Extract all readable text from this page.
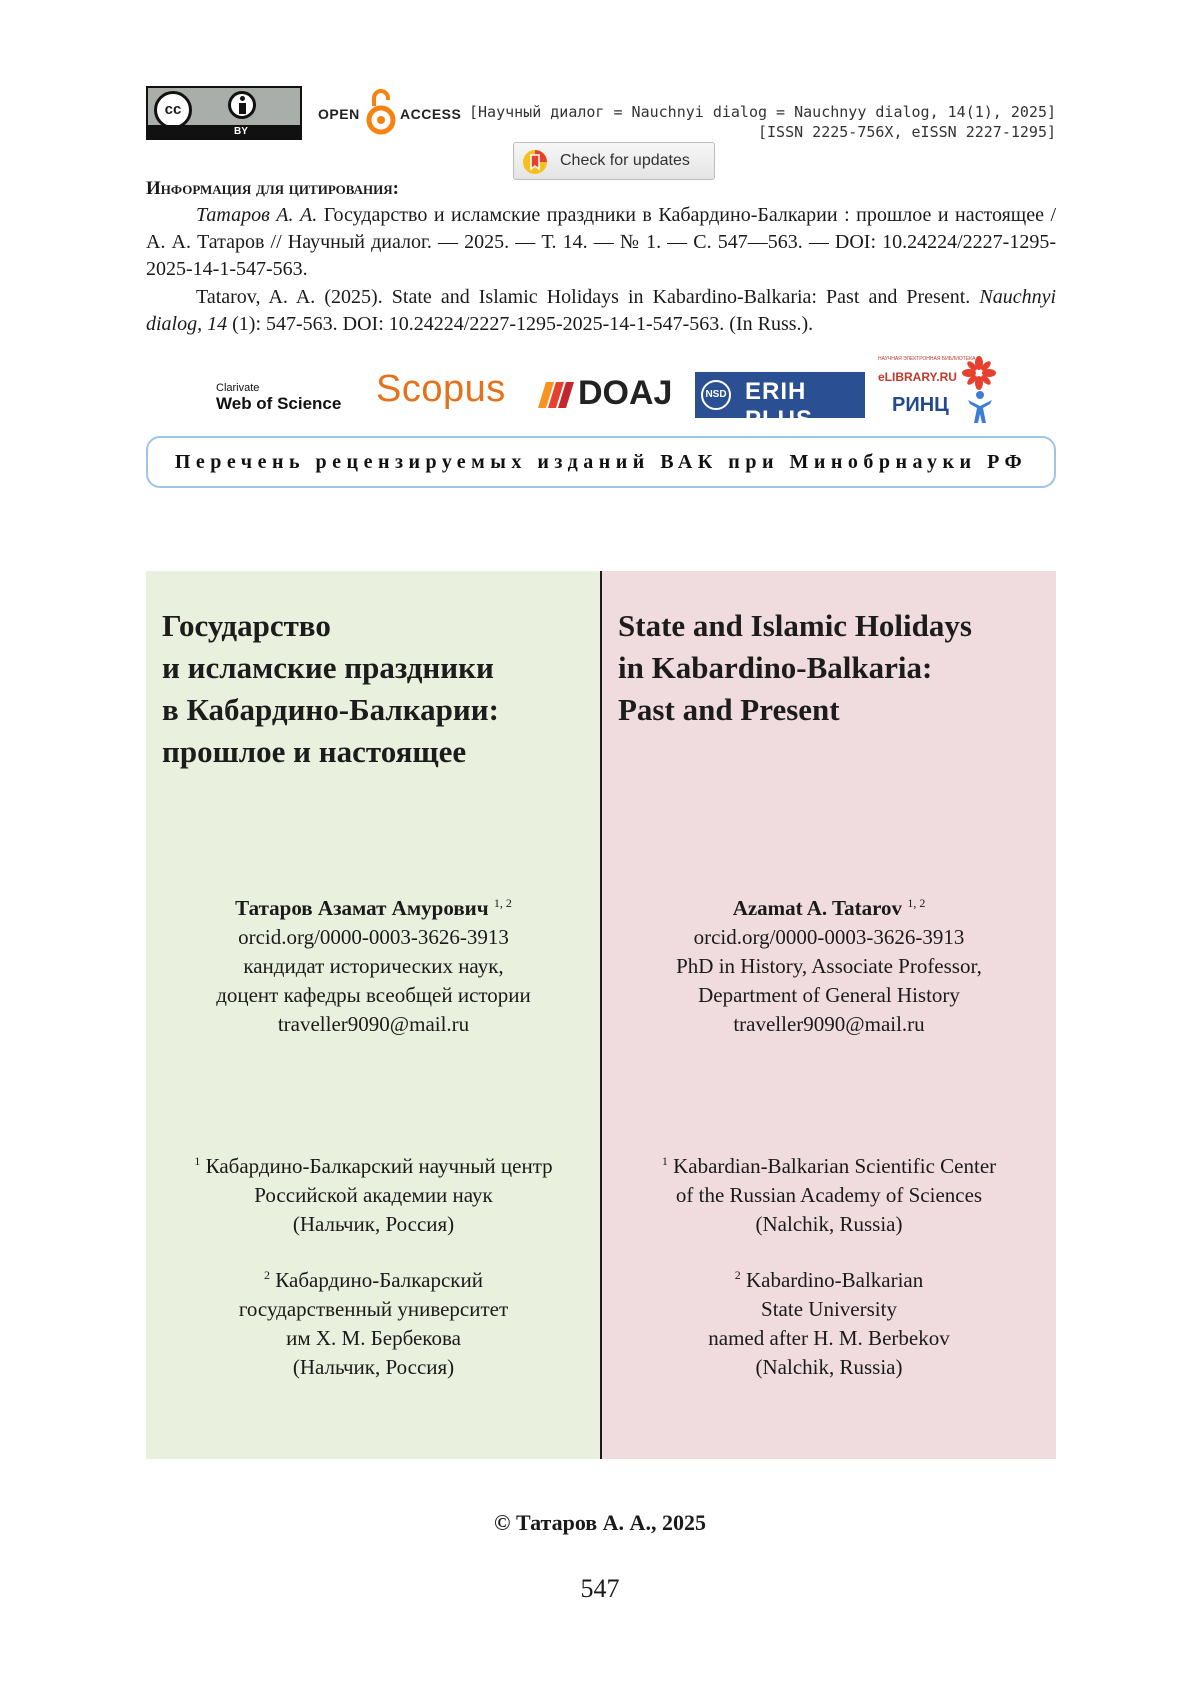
cc
BY
OPEN	ACCESS [Научный диалог = Nauchnyi dialog = Nauchnyy dialog, 14(1), 2025]
[ISSN 2225-756X, eISSN 2227-1295]
Check for updates
Информация для цитирования:
Татаров А. А. Государство и исламские праздники в Кабардино-Балкарии : прошлое и настоящее / А. А. Татаров // Научный диалог. — 2025. — Т. 14. — № 1. — С. 547—563. — DOI: 10.24224/2227-1295-2025-14-1-547-563.
Tatarov, A. A. (2025). State and Islamic Holidays in Kabardino-Balkaria: Past and Present. Nauchnyi dialog, 14 (1): 547-563. DOI: 10.24224/2227-1295-2025-14-1-547-563. (In Russ.).
Clarivate
Web of Science Scopus	DOAJ	NSD ERIH PLUS
НАУЧНАЯ ЭЛЕКТРОННАЯ БИБЛИОТЕКА
eLIBRARY.RU
РИНЦ
Перечень рецензируемых изданий ВАК при Минобрнауки РФ
Государство
и исламские праздники
в Кабардино-Балкарии:
прошлое и настоящее
Татаров Азамат Амурович 1, 2
orcid.org/0000-0003-3626-3913
кандидат исторических наук,
доцент кафедры всеобщей истории
traveller9090@mail.ru
1 Кабардино-Балкарский научный центр
Российской академии наук
(Нальчик, Россия)
2 Кабардино-Балкарский
государственный университет
им Х. М. Бербекова
(Нальчик, Россия)
State and Islamic Holidays
in Kabardino-Balkaria:
Past and Present
Azamat A. Tatarov 1, 2
orcid.org/0000-0003-3626-3913
PhD in History, Associate Professor,
Department of General History
traveller9090@mail.ru
1 Kabardian-Balkarian Scientific Center
of the Russian Academy of Sciences
(Nalchik, Russia)
2 Kabardino-Balkarian
State University
named after H. M. Berbekov
(Nalchik, Russia)
© Татаров А. А., 2025
547
